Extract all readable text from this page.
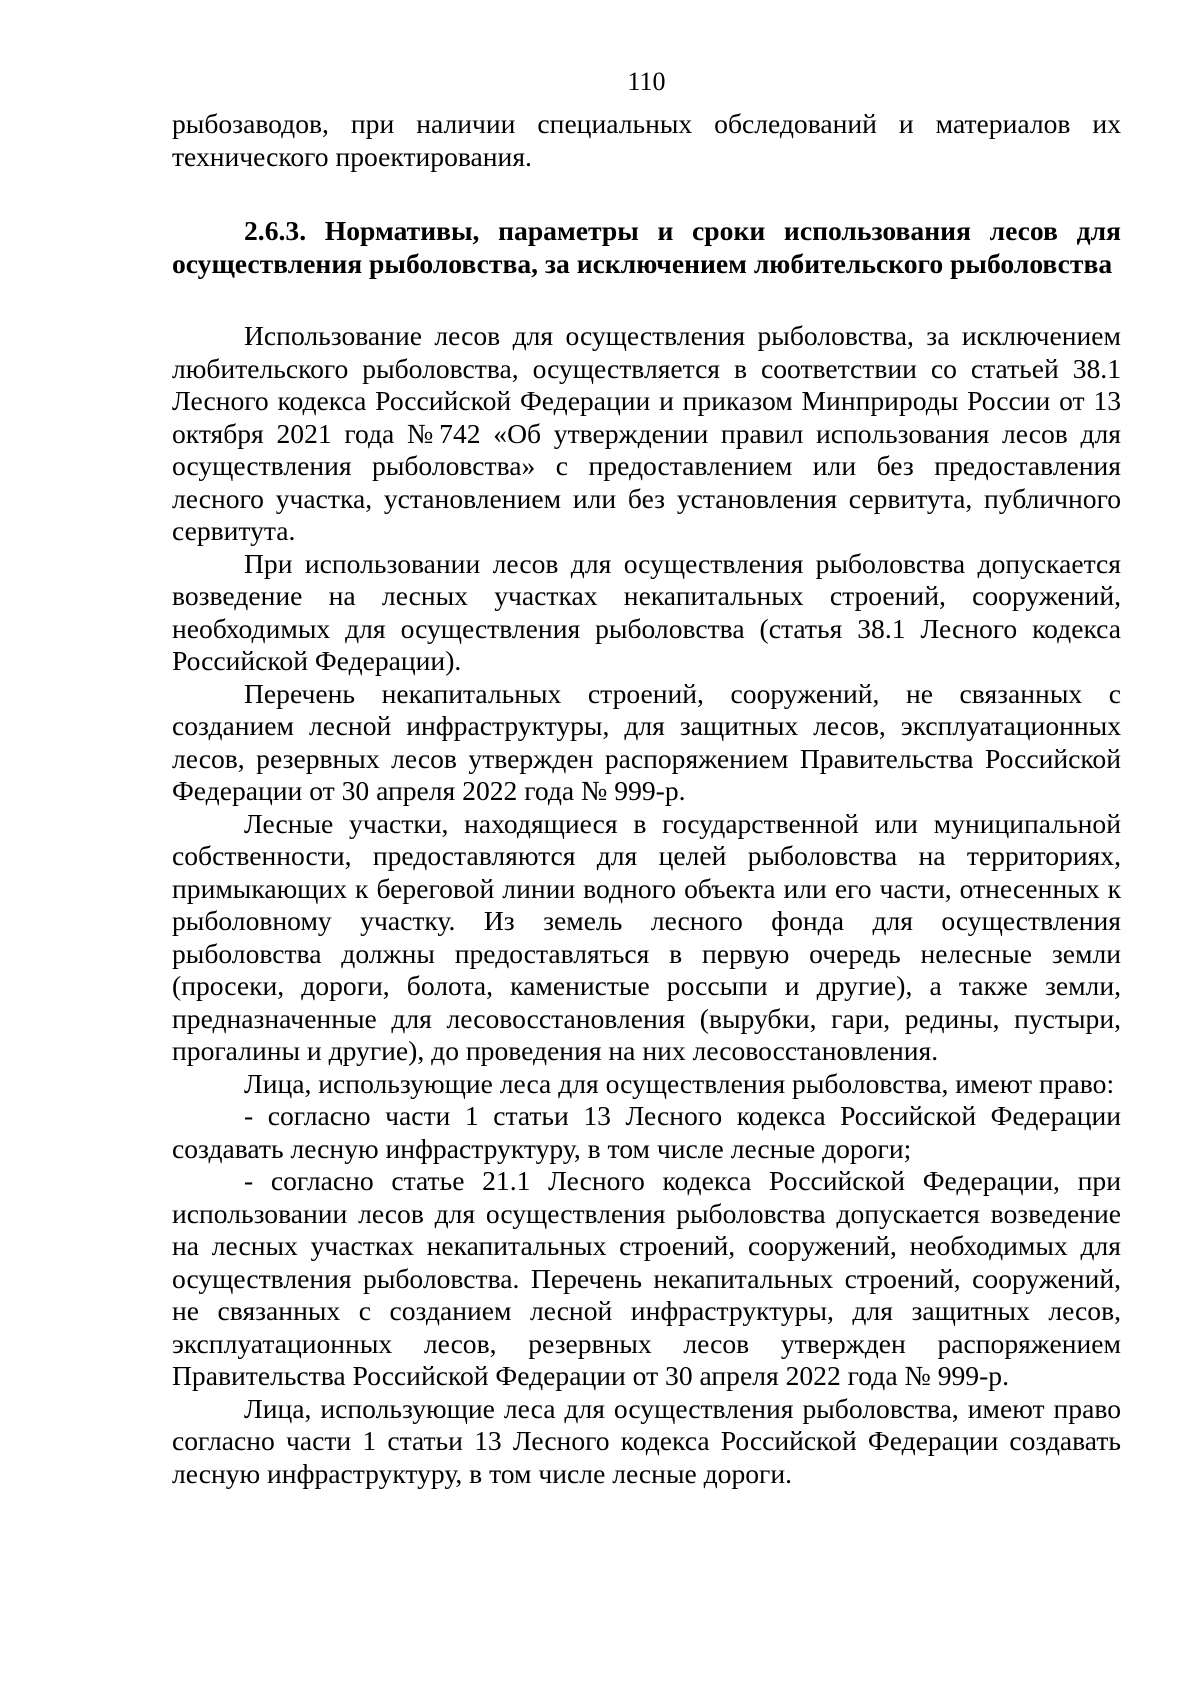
110

рыбозаводов, при наличии специальных обследований и материалов их технического проектирования.

2.6.3. Нормативы, параметры и сроки использования лесов для осуществления рыболовства, за исключением любительского рыболовства

Использование лесов для осуществления рыболовства, за исключением любительского рыболовства, осуществляется в соответствии со статьей 38.1 Лесного кодекса Российской Федерации и приказом Минприроды России от 13 октября 2021 года №742 «Об утверждении правил использования лесов для осуществления рыболовства» с предоставлением или без предоставления лесного участка, установлением или без установления сервитута, публичного сервитута.

При использовании лесов для осуществления рыболовства допускается возведение на лесных участках некапитальных строений, сооружений, необходимых для осуществления рыболовства (статья 38.1 Лесного кодекса Российской Федерации).

Перечень некапитальных строений, сооружений, не связанных с созданием лесной инфраструктуры, для защитных лесов, эксплуатационных лесов, резервных лесов утвержден распоряжением Правительства Российской Федерации от 30 апреля 2022 года № 999-р.

Лесные участки, находящиеся в государственной или муниципальной собственности, предоставляются для целей рыболовства на территориях, примыкающих к береговой линии водного объекта или его части, отнесенных к рыболовному участку. Из земель лесного фонда для осуществления рыболовства должны предоставляться в первую очередь нелесные земли (просеки, дороги, болота, каменистые россыпи и другие), а также земли, предназначенные для лесовосстановления (вырубки, гари, редины, пустыри, прогалины и другие), до проведения на них лесовосстановления.

Лица, использующие леса для осуществления рыболовства, имеют право:

- согласно части 1 статьи 13 Лесного кодекса Российской Федерации создавать лесную инфраструктуру, в том числе лесные дороги;

- согласно статье 21.1 Лесного кодекса Российской Федерации, при использовании лесов для осуществления рыболовства допускается возведение на лесных участках некапитальных строений, сооружений, необходимых для осуществления рыболовства. Перечень некапитальных строений, сооружений, не связанных с созданием лесной инфраструктуры, для защитных лесов, эксплуатационных лесов, резервных лесов утвержден распоряжением Правительства Российской Федерации от 30 апреля 2022 года № 999-р.

Лица, использующие леса для осуществления рыболовства, имеют право согласно части 1 статьи 13 Лесного кодекса Российской Федерации создавать лесную инфраструктуру, в том числе лесные дороги.
